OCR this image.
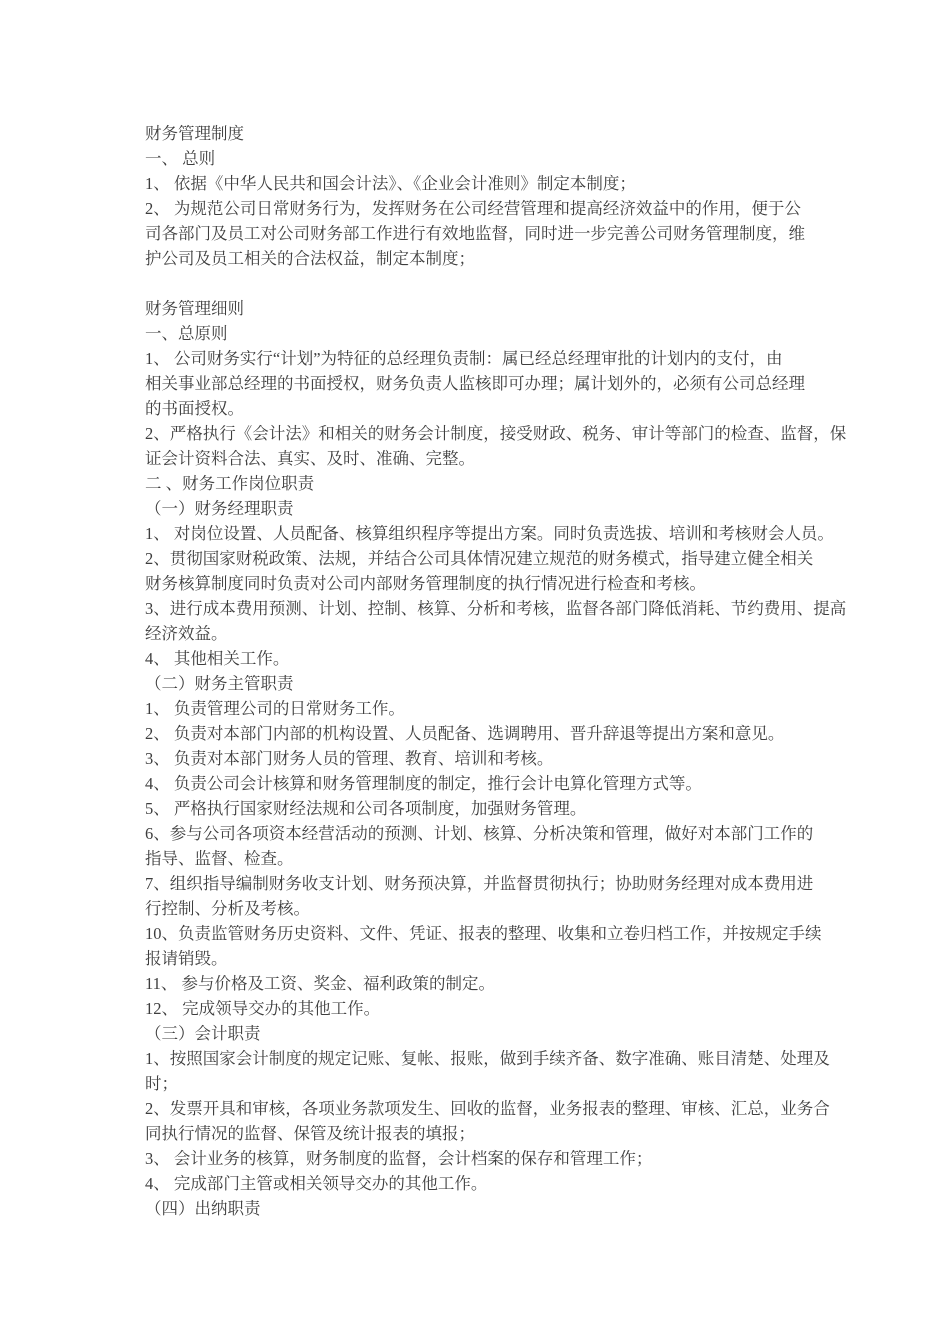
财务管理制度
一、 总则
1、 依据《中华人民共和国会计法》、《企业会计准则》制定本制度；
2、 为规范公司日常财务行为，发挥财务在公司经营管理和提高经济效益中的作用，便于公
司各部门及员工对公司财务部工作进行有效地监督，同时进一步完善公司财务管理制度，维
护公司及员工相关的合法权益，制定本制度；

财务管理细则
一、总原则
1、 公司财务实行“计划”为特征的总经理负责制：属已经总经理审批的计划内的支付，由
相关事业部总经理的书面授权，财务负责人监核即可办理；属计划外的，必须有公司总经理
的书面授权。
2、严格执行《会计法》和相关的财务会计制度，接受财政、税务、审计等部门的检查、监督，保
证会计资料合法、真实、及时、准确、完整。
二 、财务工作岗位职责
（一）财务经理职责
1、 对岗位设置、人员配备、核算组织程序等提出方案。同时负责选拔、培训和考核财会人员。
2、贯彻国家财税政策、法规，并结合公司具体情况建立规范的财务模式，指导建立健全相关
财务核算制度同时负责对公司内部财务管理制度的执行情况进行检查和考核。
3、进行成本费用预测、计划、控制、核算、分析和考核，监督各部门降低消耗、节约费用、提高
经济效益。
4、 其他相关工作。
（二）财务主管职责
1、 负责管理公司的日常财务工作。
2、 负责对本部门内部的机构设置、人员配备、选调聘用、晋升辞退等提出方案和意见。
3、 负责对本部门财务人员的管理、教育、培训和考核。
4、 负责公司会计核算和财务管理制度的制定，推行会计电算化管理方式等。
5、 严格执行国家财经法规和公司各项制度，加强财务管理。
6、参与公司各项资本经营活动的预测、计划、核算、分析决策和管理，做好对本部门工作的
指导、监督、检查。
7、组织指导编制财务收支计划、财务预决算，并监督贯彻执行；协助财务经理对成本费用进
行控制、分析及考核。
10、负责监管财务历史资料、文件、凭证、报表的整理、收集和立卷归档工作，并按规定手续
报请销毁。
11、 参与价格及工资、奖金、福利政策的制定。
12、 完成领导交办的其他工作。
（三）会计职责
1、按照国家会计制度的规定记账、复帐、报账，做到手续齐备、数字准确、账目清楚、处理及
时；
2、发票开具和审核，各项业务款项发生、回收的监督，业务报表的整理、审核、汇总，业务合
同执行情况的监督、保管及统计报表的填报；
3、 会计业务的核算，财务制度的监督，会计档案的保存和管理工作；
4、 完成部门主管或相关领导交办的其他工作。
（四）出纳职责
